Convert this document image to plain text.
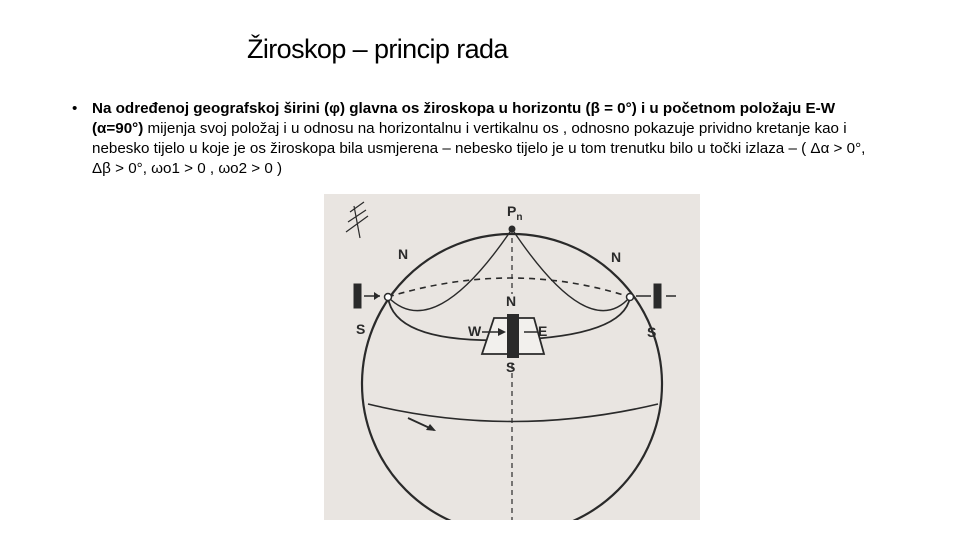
Žiroskop – princip rada
• Na određenoj geografskoj širini (φ) glavna os žiroskopa u horizontu (β = 0°) i u početnom položaju E-W (α=90°) mijenja svoj položaj i u odnosu na horizontalnu i vertikalnu os , odnosno pokazuje prividno kretanje kao i nebesko tijelo u koje je os žiroskopa bila usmjerena – nebesko tijelo je u tom trenutku bilo u točki izlaza – ( Δα > 0°, Δβ > 0°, ωo1 > 0 , ωo2 > 0 )
$P_n$
N	N
S	S
N
S
W	E
